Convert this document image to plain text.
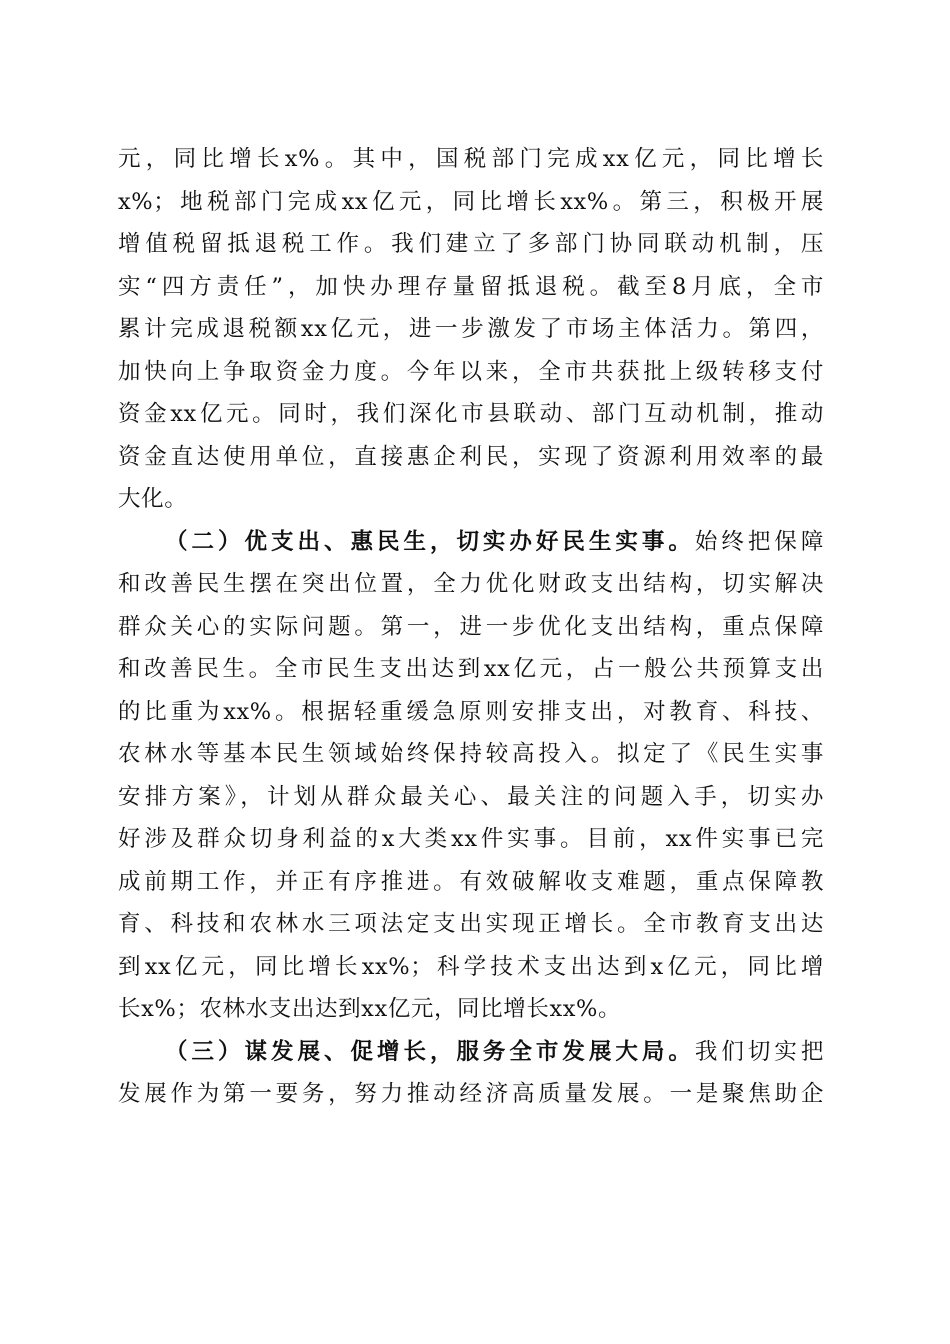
元，同比增长x%。其中，国税部门完成xx亿元，同比增长
x%；地税部门完成xx亿元，同比增长xx%。第三，积极开展
增值税留抵退税工作。我们建立了多部门协同联动机制，压
实“四方责任”，加快办理存量留抵退税。截至8月底，全市
累计完成退税额xx亿元，进一步激发了市场主体活力。第四，
加快向上争取资金力度。今年以来，全市共获批上级转移支付
资金xx亿元。同时，我们深化市县联动、部门互动机制，推动
资金直达使用单位，直接惠企利民，实现了资源利用效率的最
大化。
（二）优支出、惠民生，切实办好民生实事。始终把保障
和改善民生摆在突出位置，全力优化财政支出结构，切实解决
群众关心的实际问题。第一，进一步优化支出结构，重点保障
和改善民生。全市民生支出达到xx亿元，占一般公共预算支出
的比重为xx%。根据轻重缓急原则安排支出，对教育、科技、
农林水等基本民生领域始终保持较高投入。拟定了《民生实事
安排方案》，计划从群众最关心、最关注的问题入手，切实办
好涉及群众切身利益的x大类xx件实事。目前，xx件实事已完
成前期工作，并正有序推进。有效破解收支难题，重点保障教
育、科技和农林水三项法定支出实现正增长。全市教育支出达
到xx亿元，同比增长xx%；科学技术支出达到x亿元，同比增
长x%；农林水支出达到xx亿元，同比增长xx%。
（三）谋发展、促增长，服务全市发展大局。我们切实把
发展作为第一要务，努力推动经济高质量发展。一是聚焦助企
